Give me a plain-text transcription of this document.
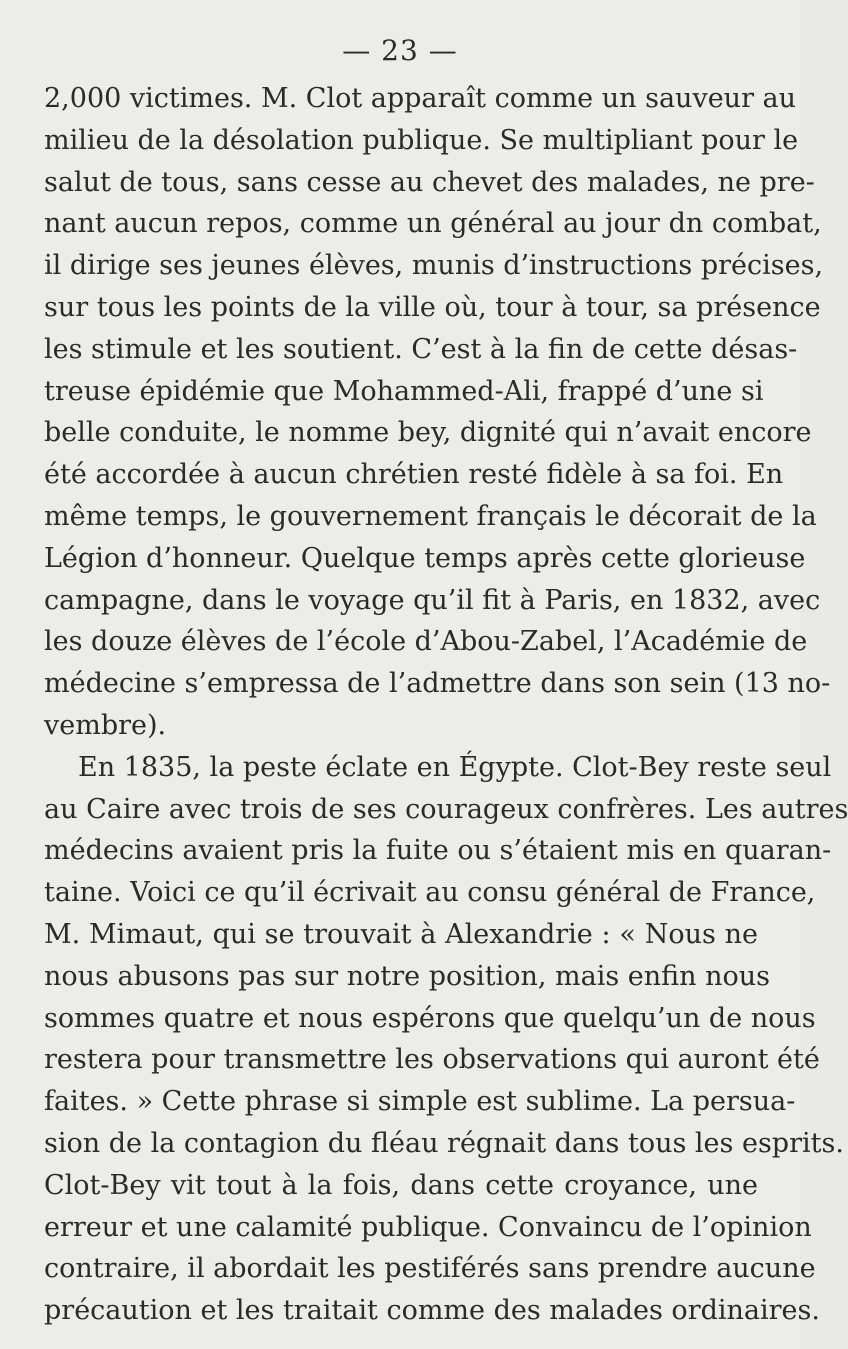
— 23 —
2,000 victimes. M. Clot apparaît comme un sauveur au
milieu de la désolation publique. Se multipliant pour le
salut de tous, sans cesse au chevet des malades, ne pre-
nant aucun repos, comme un général au jour dn combat,
il dirige ses jeunes élèves, munis d’instructions précises,
sur tous les points de la ville où, tour à tour, sa présence
les stimule et les soutient. C’est à la fin de cette désas-
treuse épidémie que Mohammed-Ali, frappé d’une si
belle conduite, le nomme bey, dignité qui n’avait encore
été accordée à aucun chrétien resté fidèle à sa foi. En
même temps, le gouvernement français le décorait de la
Légion d’honneur. Quelque temps après cette glorieuse
campagne, dans le voyage qu’il fit à Paris, en 1832, avec
les douze élèves de l’école d’Abou-Zabel, l’Académie de
médecine s’empressa de l’admettre dans son sein (13 no-
vembre).
En 1835, la peste éclate en Égypte. Clot-Bey reste seul
au Caire avec trois de ses courageux confrères. Les autres
médecins avaient pris la fuite ou s’étaient mis en quaran-
taine. Voici ce qu’il écrivait au consu général de France,
M. Mimaut, qui se trouvait à Alexandrie : « Nous ne
nous abusons pas sur notre position, mais enfin nous
sommes quatre et nous espérons que quelqu’un de nous
restera pour transmettre les observations qui auront été
faites. » Cette phrase si simple est sublime. La persua-
sion de la contagion du fléau régnait dans tous les esprits.
Clot-Bey vit tout à la fois, dans cette croyance, une
erreur et une calamité publique. Convaincu de l’opinion
contraire, il abordait les pestiférés sans prendre aucune
précaution et les traitait comme des malades ordinaires.
